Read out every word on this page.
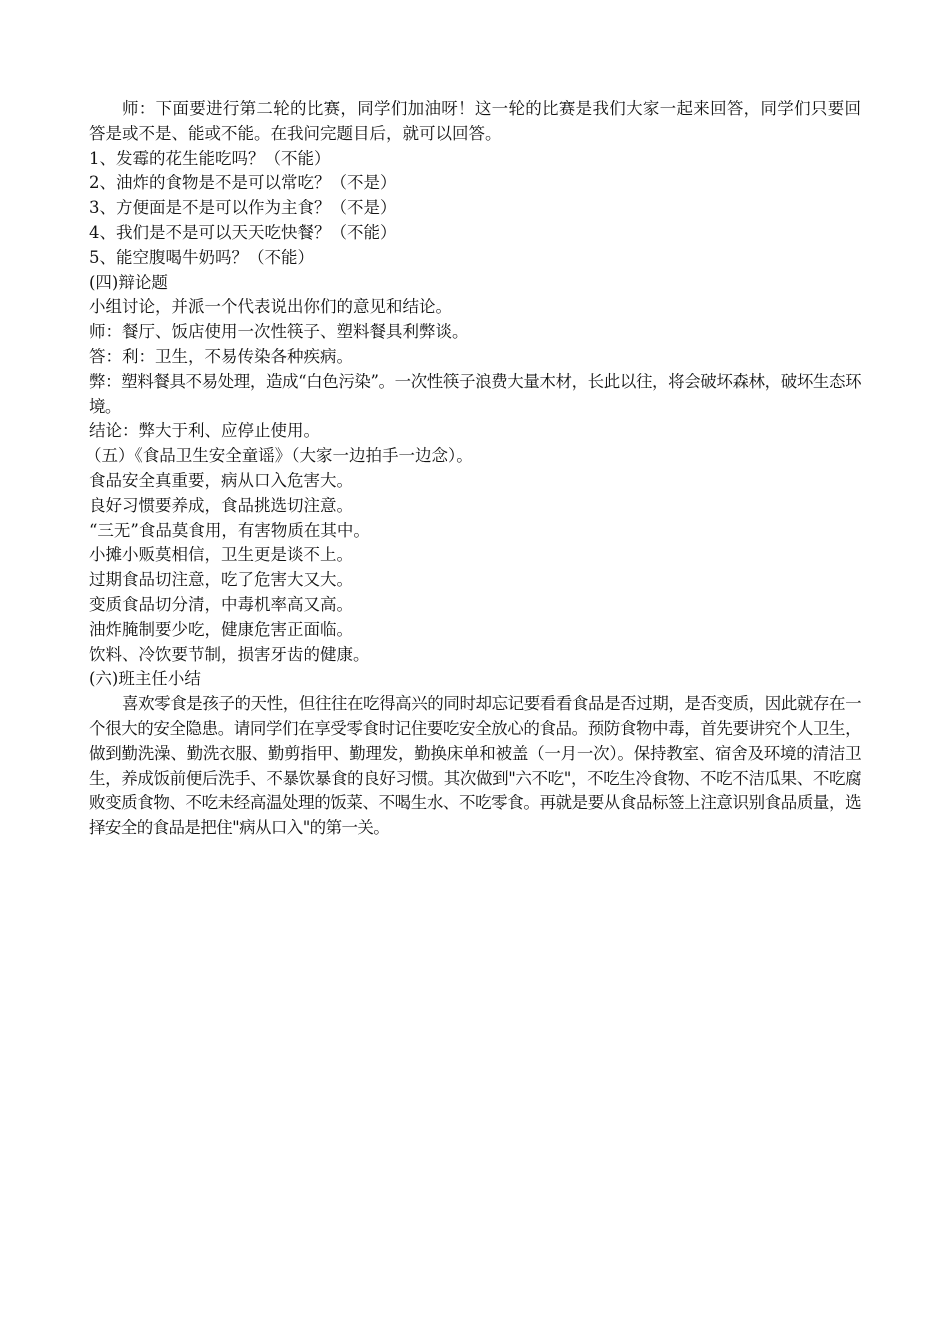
师：下面要进行第二轮的比赛，同学们加油呀！这一轮的比赛是我们大家一起来回答，同学们只要回答是或不是、能或不能。在我问完题目后，就可以回答。

1、发霉的花生能吃吗？（不能）

2、油炸的食物是不是可以常吃？（不是）

3、方便面是不是可以作为主食？（不是）

4、我们是不是可以天天吃快餐？（不能）

5、能空腹喝牛奶吗？（不能）

(四)辩论题

小组讨论，并派一个代表说出你们的意见和结论。

师：餐厅、饭店使用一次性筷子、塑料餐具利弊谈。

答：利：卫生，不易传染各种疾病。

弊：塑料餐具不易处理，造成“白色污染”。一次性筷子浪费大量木材，长此以往，将会破坏森林，破坏生态环境。

结论：弊大于利、应停止使用。

（五）《食品卫生安全童谣》（大家一边拍手一边念）。

食品安全真重要，病从口入危害大。

良好习惯要养成，食品挑选切注意。

“三无”食品莫食用，有害物质在其中。

小摊小贩莫相信，卫生更是谈不上。

过期食品切注意，吃了危害大又大。

变质食品切分清，中毒机率高又高。

油炸腌制要少吃，健康危害正面临。

饮料、冷饮要节制，损害牙齿的健康。

(六)班主任小结

喜欢零食是孩子的天性，但往往在吃得高兴的同时却忘记要看看食品是否过期，是否变质，因此就存在一个很大的安全隐患。请同学们在享受零食时记住要吃安全放心的食品。预防食物中毒，首先要讲究个人卫生，做到勤洗澡、勤洗衣服、勤剪指甲、勤理发，勤换床单和被盖（一月一次）。保持教室、宿舍及环境的清洁卫生，养成饭前便后洗手、不暴饮暴食的良好习惯。其次做到"六不吃"，不吃生冷食物、不吃不洁瓜果、不吃腐败变质食物、不吃未经高温处理的饭菜、不喝生水、不吃零食。再就是要从食品标签上注意识别食品质量，选择安全的食品是把住"病从口入"的第一关。
